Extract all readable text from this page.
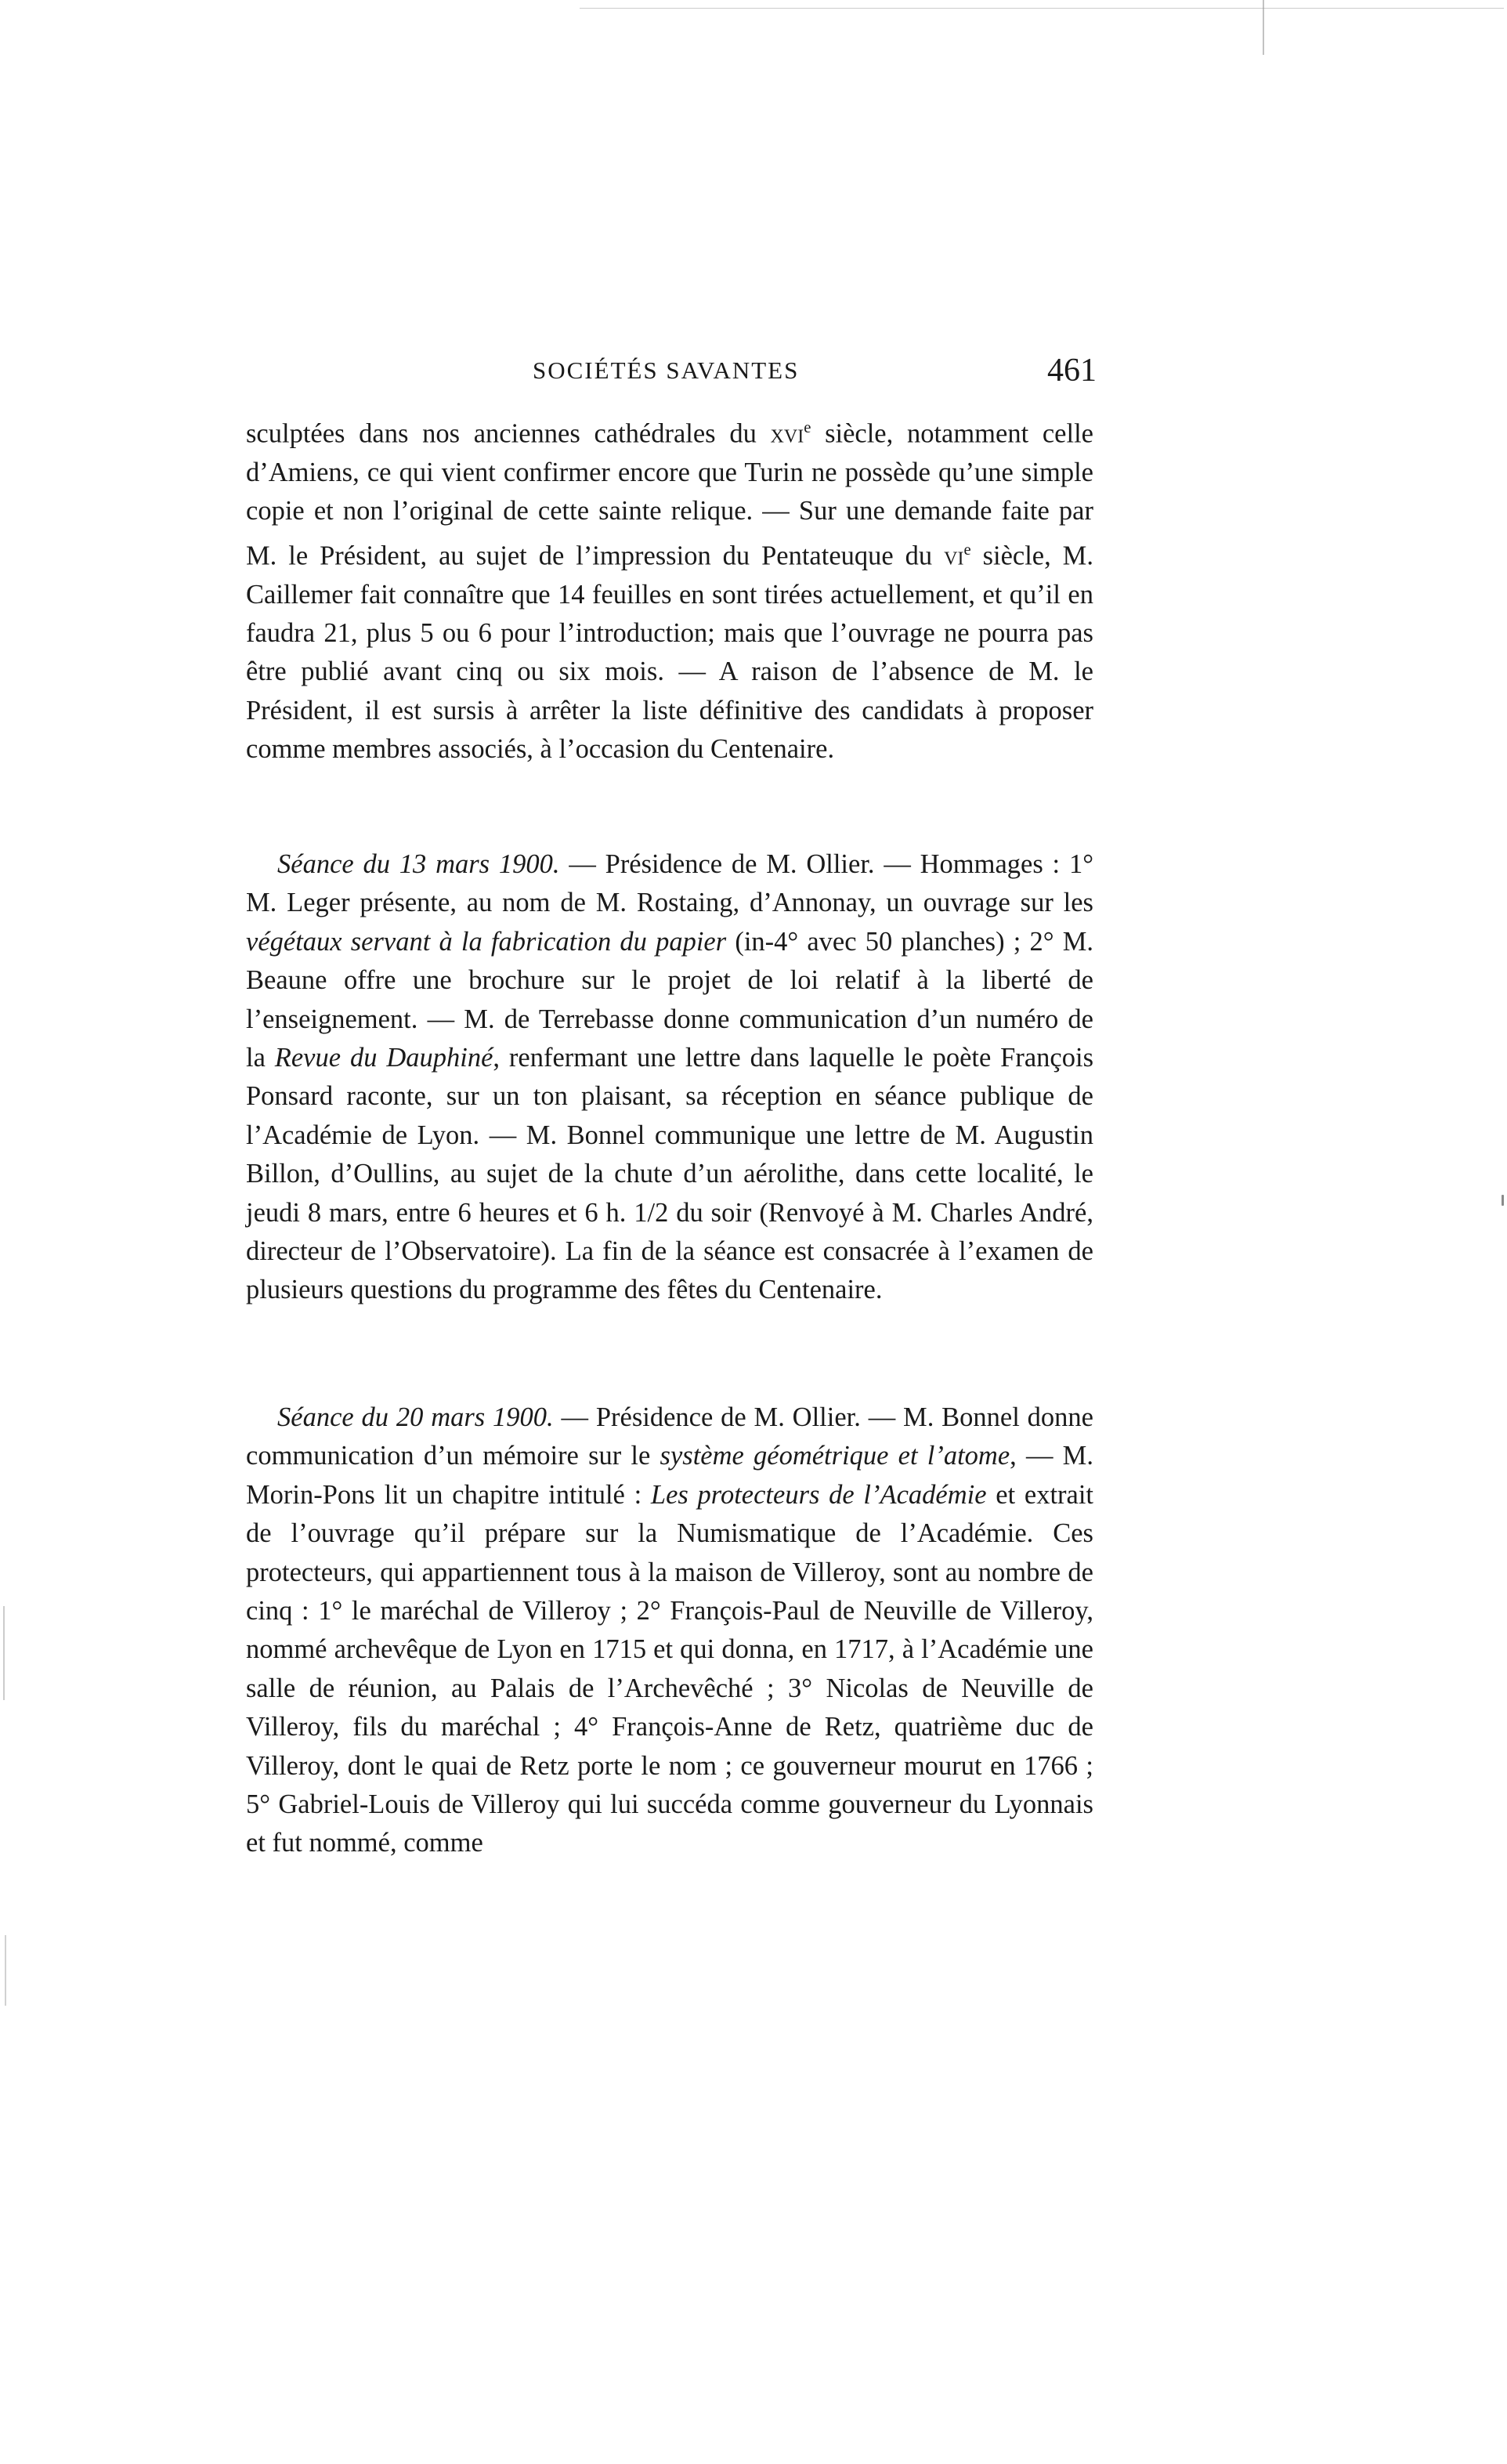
SOCIÉTÉS SAVANTES	461

sculptées dans nos anciennes cathédrales du xvi$^e$ siècle, notamment celle d’Amiens, ce qui vient confirmer encore que Turin ne possède qu’une simple copie et non l’original de cette sainte relique. — Sur une demande faite par M. le Président, au sujet de l’impression du Pentateuque du $vi^e$ siècle, M. Caillemer fait connaître que 14 feuilles en sont tirées actuellement, et qu’il en faudra 21, plus 5 ou 6 pour l’introduction; mais que l’ouvrage ne pourra pas être publié avant cinq ou six mois. — A raison de l’absence de M. le Président, il est sursis à arrêter la liste définitive des candidats à proposer comme membres associés, à l’occasion du Centenaire.

Séance du 13 mars 1900. — Présidence de M. Ollier. — Hommages : 1° M. Leger présente, au nom de M. Rostaing, d’Annonay, un ouvrage sur les végétaux servant à la fabrication du papier (in-4° avec 50 planches) ; 2° M. Beaune offre une brochure sur le projet de loi relatif à la liberté de l’enseignement. — M. de Terrebasse donne communication d’un numéro de la Revue du Dauphiné, renfermant une lettre dans laquelle le poète François Ponsard raconte, sur un ton plaisant, sa réception en séance publique de l’Académie de Lyon. — M. Bonnel communique une lettre de M. Augustin Billon, d’Oullins, au sujet de la chute d’un aérolithe, dans cette localité, le jeudi 8 mars, entre 6 heures et 6 h. 1/2 du soir (Renvoyé à M. Charles André, directeur de l’Observatoire). La fin de la séance est consacrée à l’examen de plusieurs questions du programme des fêtes du Centenaire.

Séance du 20 mars 1900. — Présidence de M. Ollier. — M. Bonnel donne communication d’un mémoire sur le système géométrique et l’atome, — M. Morin-Pons lit un chapitre intitulé : Les protecteurs de l’Académie et extrait de l’ouvrage qu’il prépare sur la Numismatique de l’Académie. Ces protecteurs, qui appartiennent tous à la maison de Villeroy, sont au nombre de cinq : 1° le maréchal de Villeroy ; 2° François-Paul de Neuville de Villeroy, nommé archevêque de Lyon en 1715 et qui donna, en 1717, à l’Académie une salle de réunion, au Palais de l’Archevêché ; 3° Nicolas de Neuville de Villeroy, fils du maréchal ; 4° François-Anne de Retz, quatrième duc de Villeroy, dont le quai de Retz porte le nom ; ce gouverneur mourut en 1766 ; 5° Gabriel-Louis de Villeroy qui lui succéda comme gouverneur du Lyonnais et fut nommé, comme
